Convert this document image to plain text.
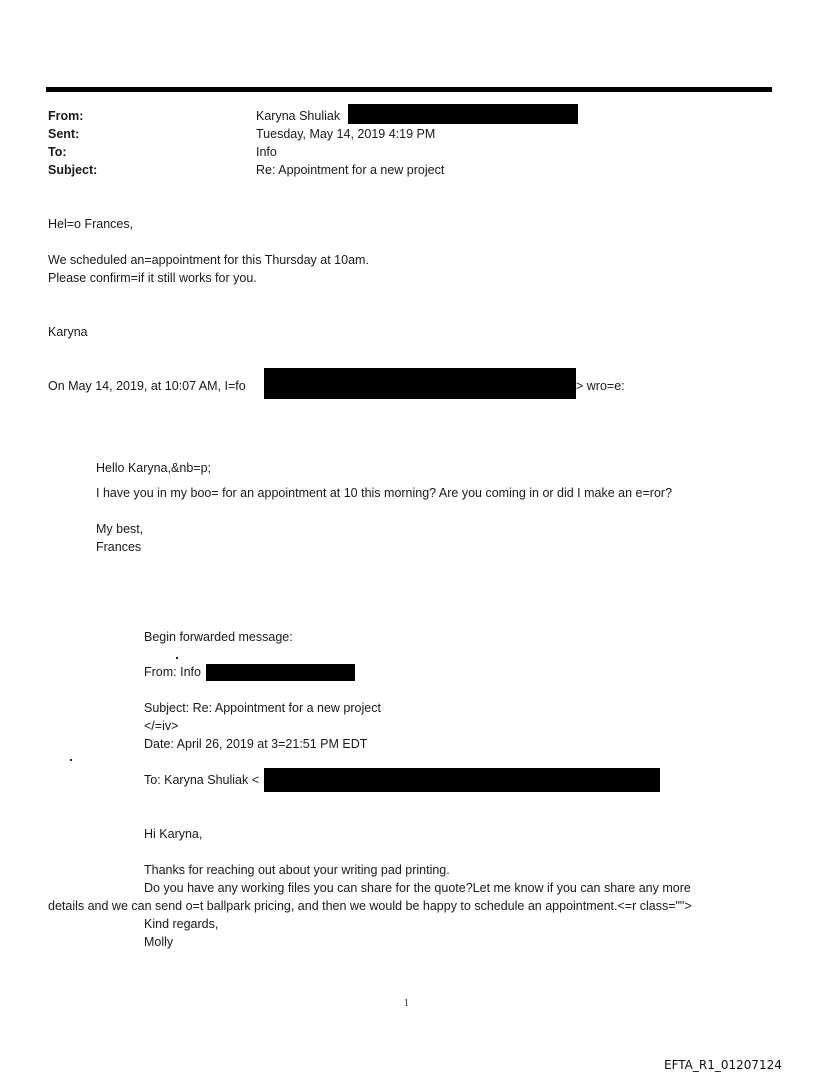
From:	Karyna Shuliak
Sent:	Tuesday, May 14, 2019 4:19 PM
To:	Info
Subject:	Re: Appointment for a new project
Hel=o Frances,
We scheduled an=appointment for this Thursday at 10am.
Please confirm=if it still works for you.
Karyna
On May 14, 2019, at 10:07 AM, I=fo	> wro=e:
Hello Karyna,&nb=p;
I have you in my boo= for an appointment at 10 this morning? Are you coming in or did I make an e=ror?
My best,
Frances
Begin forwarded message:
From: Info
Subject: Re: Appointment for a new project
</=iv>
Date: April 26, 2019 at 3=21:51 PM EDT
To: Karyna Shuliak <
Hi Karyna,
Thanks for reaching out about your writing pad printing.
Do you have any working files you can share for the quote?Let me know if you can share any more
details and we can send o=t ballpark pricing, and then we would be happy to schedule an appointment.<=r class="">
Kind regards,
Molly
1
EFTA_R1_01207124
